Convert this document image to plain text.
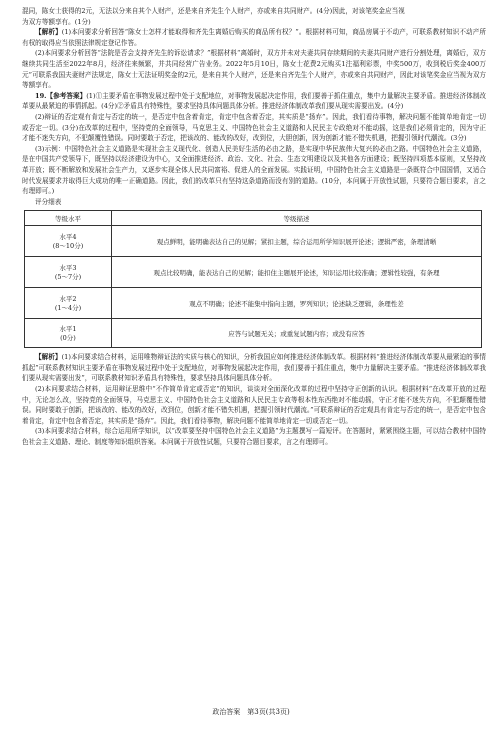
混同，陈女士获得的2元，无法以分来自其个人财产，还是来自齐先生个人财产，亦或来自共同财产。(4分)因此，对该笔奖金应当视

为双方等额享有。(1分)

【解析】(1)本问要求分析回答“陈女士怎样才能取得和齐先生离婚后购买的商品所有权？”。根据材料可知，商品房属于不动产，可联系教材知识不动产所有权的取得应当依照法律规定登记作答。

(2)本问要求分析回答“法院是否会支持齐先生的诉讼请求？”根据材料“离婚时，双方并未对夫妻共同存续期间的夫妻共同财产进行分割处理，离婚后，双方继续共同生活至2022年8月，经济往来频繁，并共同经营广告业务。2022年5月10日，陈女士花费2元购买1注福利彩票，中奖500万，收到税后奖金400万元”可联系我国夫妻财产法规定，陈女士无法证明奖金的2元，是来自其个人财产，还是来自齐先生个人财产，亦或来自共同财产，因此对该笔奖金应当视为双方等额享有。

19.【参考答案】(1)①主要矛盾在事物发展过程中处于支配地位，对事物发展起决定作用，我们要善于抓住重点，集中力量解决主要矛盾。推进经济体制改革要从最紧迫的事情抓起。(4分)②矛盾具有特殊性，要求坚持具体问题具体分析。推进经济体制改革我们要从现实需要出发。(4分)

(2)辩证的否定观有肯定与否定的统一，是否定中包含着肯定，肯定中包含着否定，其实质是“扬弃”。因此，我们看待事物，解决问题不能简单地肯定一切或否定一切。(3分)在改革的过程中，坚持党的全面领导，马克思主义、中国特色社会主义道路和人民民主专政绝对不能动摇，这是我们必须肯定的，因为守正才能不迷失方向，不犯颠覆性错误。同时要敢于否定，把该改的、能改的改好，改到位，大胆创新，因为创新才能不错失机遇，把握引领时代潮流。(3分)

(3)示例：中国特色社会主义道路是实现社会主义现代化、创造人民美好生活的必由之路，是实现中华民族伟大复兴的必由之路。中国特色社会主义道路，是在中国共产党领导下，既坚持以经济建设为中心，又全面推进经济、政治、文化、社会、生态文明建设以及其他各方面建设；既坚持四项基本原则，又坚持改革开放；既不断解放和发展社会生产力，又逐步实现全体人民共同富裕、促进人的全面发展。实践证明，中国特色社会主义道路是一条既符合中国国情，又适合时代发展要求并取得巨大成功的唯一正确道路。因此，我们的改革只有坚持这条道路而没有别的道路。(10分，本问属于开放性试题，只要符合题目要求，言之有理即可。)

评分细表

等级水平	等级描述

水平4
(8～10分)	观点鲜明，能明确表达自己的见解；紧扣主题，综合运用所学知识展开论述；逻辑严密，条理清晰

水平3
(5～7分)	观点比较明确，能表达自己的见解；能扣住主题展开论述，知识运用比较准确；逻辑性较强，有条理

水平2
(1～4分)	观点不明确；论述不能集中指向主题，罗列知识；论述缺乏逻辑，条理性差

水平1
(0分)	应答与试题无关；或重复试题内容；或没有应答

【解析】(1)本问要求结合材料，运用唯物辩证法的实质与核心的知识，分析我国应如何推进经济体制改革。根据材料“推进经济体制改革要从最紧迫的事情抓起”可联系教材知识主要矛盾在事物发展过程中处于支配地位，对事物发展起决定作用，我们要善于抓住重点，集中力量解决主要矛盾。“推进经济体制改革我们要从现实需要出发”，可联系教材知识矛盾具有特殊性，要求坚持具体问题具体分析。

(2)本问要求结合材料，运用辩证思维中“不作简单肯定或否定”的知识，谈谈对全面深化改革的过程中坚持守正创新的认识。根据材料“在改革开放的过程中，无论怎么改，坚持党的全面领导，马克思主义、中国特色社会主义道路和人民民主专政等根本性东西绝对不能动摇，守正才能不迷失方向，不犯颠覆性错误。同时要敢于创新，把该改的、能改的改好，改到位，创新才能不错失机遇，把握引领时代潮流。”可联系辩证的否定观具有肯定与否定的统一，是否定中包含着肯定，肯定中包含着否定，其实质是“扬弃”。因此，我们看待事物，解决问题不能简单地肯定一切或否定一切。

(3)本问要求结合材料，综合运用所学知识，以“改革要坚持中国特色社会主义道路”为主题撰写一篇短评。在答题时，紧紧围绕主题，可以结合教材中国特色社会主义道路、理论、制度等知识组织答案。本问属于开放性试题，只要符合题目要求，言之有理即可。

政治答案　第3页(共3页)
